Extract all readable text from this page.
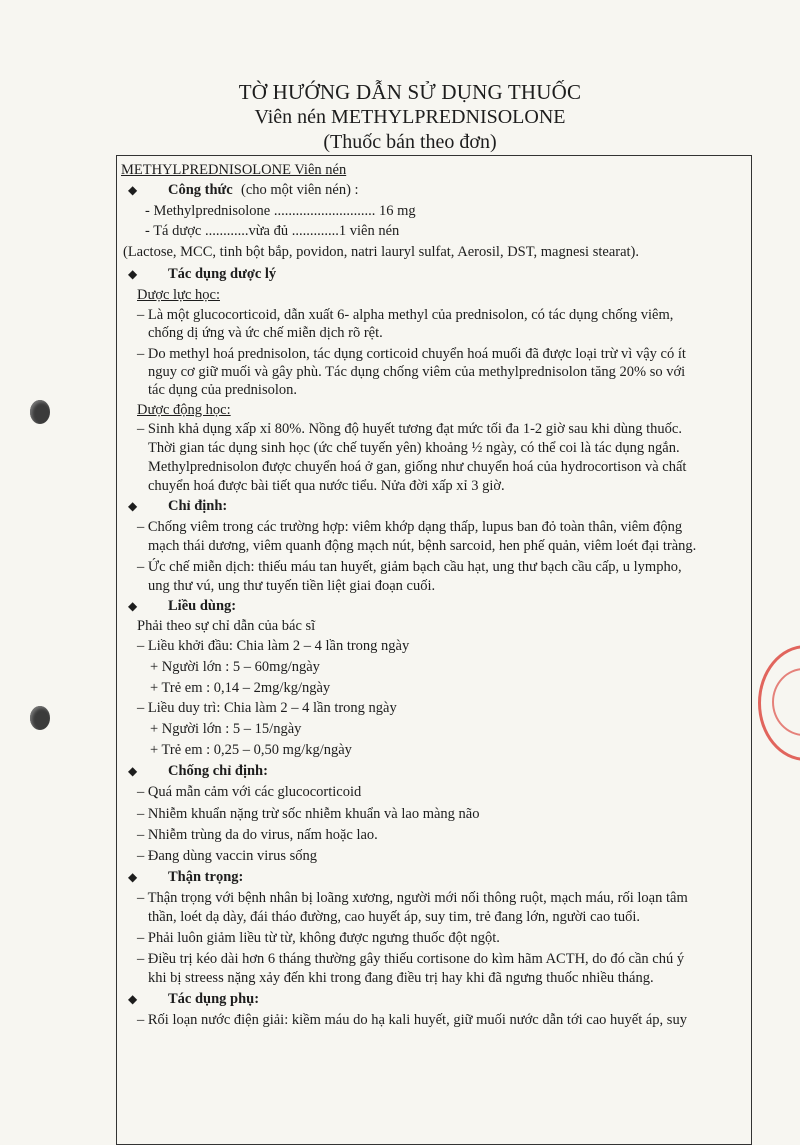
TỜ HƯỚNG DẪN SỬ DỤNG THUỐC
Viên nén METHYLPREDNISOLONE
(Thuốc bán theo đơn)
METHYLPREDNISOLONE Viên nén
◆ Công thức (cho một viên nén) :
- Methylprednisolone ............................ 16 mg
- Tá dược ............vừa đủ .............1 viên nén
(Lactose, MCC, tinh bột bắp, povidon, natri lauryl sulfat, Aerosil, DST, magnesi stearat).
◆ Tác dụng dược lý
Dược lực học:
– Là một glucocorticoid, dẫn xuất 6- alpha methyl của prednisolon, có tác dụng chống viêm,
chống dị ứng và ức chế miễn dịch rõ rệt.
– Do methyl hoá prednisolon, tác dụng corticoid chuyển hoá muối đã được loại trừ vì vậy có ít
nguy cơ giữ muối và gây phù. Tác dụng chống viêm của methylprednisolon tăng 20% so với
tác dụng của prednisolon.
Dược động học:
– Sinh khả dụng xấp xỉ 80%. Nồng độ huyết tương đạt mức tối đa 1-2 giờ sau khi dùng thuốc.
Thời gian tác dụng sinh học (ức chế tuyến yên) khoảng ½ ngày, có thể coi là tác dụng ngắn.
Methylprednisolon được chuyển hoá ở gan, giống như chuyển hoá của hydrocortison và chất
chuyển hoá được bài tiết qua nước tiểu. Nửa đời xấp xỉ 3 giờ.
◆ Chỉ định:
– Chống viêm trong các trường hợp: viêm khớp dạng thấp, lupus ban đỏ toàn thân, viêm động
mạch thái dương, viêm quanh động mạch nút, bệnh sarcoid, hen phế quản, viêm loét đại tràng.
– Ức chế miễn dịch: thiếu máu tan huyết, giảm bạch cầu hạt, ung thư bạch cầu cấp, u lympho,
ung thư vú, ung thư tuyến tiền liệt giai đoạn cuối.
◆ Liều dùng:
Phải theo sự chỉ dẫn của bác sĩ
– Liều khởi đầu: Chia làm 2 – 4 lần trong ngày
+ Người lớn : 5 – 60mg/ngày
+ Trẻ em : 0,14 – 2mg/kg/ngày
– Liều duy trì: Chia làm 2 – 4 lần trong ngày
+ Người lớn : 5 – 15/ngày
+ Trẻ em : 0,25 – 0,50 mg/kg/ngày
◆ Chống chỉ định:
– Quá mẫn cảm với các glucocorticoid
– Nhiễm khuẩn nặng trừ sốc nhiễm khuẩn và lao màng não
– Nhiễm trùng da do virus, nấm hoặc lao.
– Đang dùng vaccin virus sống
◆ Thận trọng:
– Thận trọng với bệnh nhân bị loãng xương, người mới nối thông ruột, mạch máu, rối loạn tâm
thần, loét dạ dày, đái tháo đường, cao huyết áp, suy tim, trẻ đang lớn, người cao tuổi.
– Phải luôn giảm liều từ từ, không được ngưng thuốc đột ngột.
– Điều trị kéo dài hơn 6 tháng thường gây thiếu cortisone do kìm hãm ACTH, do đó cần chú ý
khi bị streess nặng xảy đến khi trong đang điều trị hay khi đã ngưng thuốc nhiều tháng.
◆ Tác dụng phụ:
– Rối loạn nước điện giải: kiềm máu do hạ kali huyết, giữ muối nước dẫn tới cao huyết áp, suy
